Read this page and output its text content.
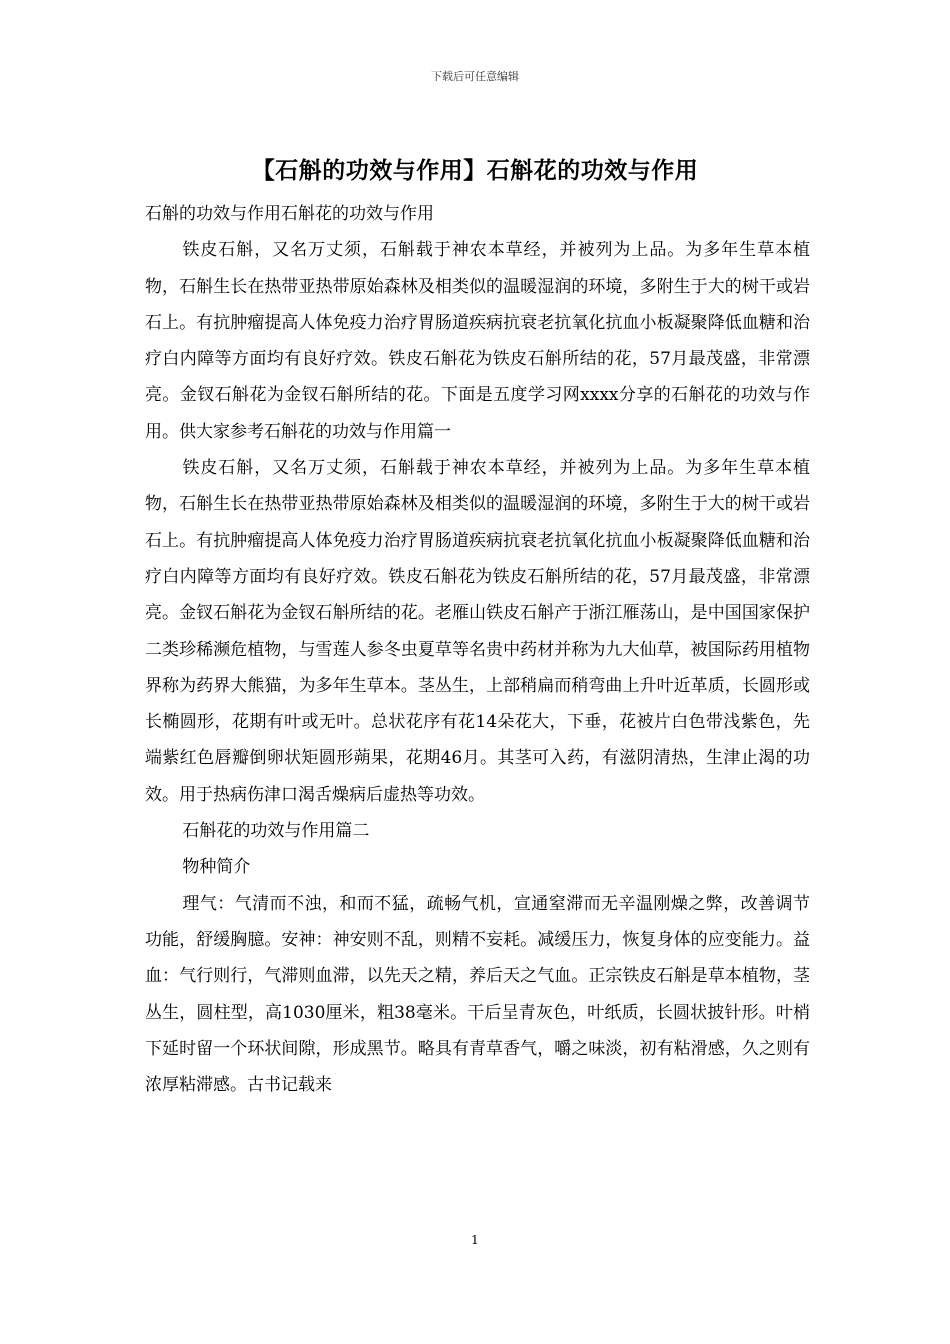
下载后可任意编辑
【石斛的功效与作用】石斛花的功效与作用

石斛的功效与作用石斛花的功效与作用

铁皮石斛，又名万丈须，石斛载于神农本草经，并被列为上品。为多年生草本植物，石斛生长在热带亚热带原始森林及相类似的温暖湿润的环境，多附生于大的树干或岩石上。有抗肿瘤提高人体免疫力治疗胃肠道疾病抗衰老抗氧化抗血小板凝聚降低血糖和治疗白内障等方面均有良好疗效。铁皮石斛花为铁皮石斛所结的花，57月最茂盛，非常漂亮。金钗石斛花为金钗石斛所结的花。下面是五度学习网xxxx分享的石斛花的功效与作用。供大家参考石斛花的功效与作用篇一

铁皮石斛，又名万丈须，石斛载于神农本草经，并被列为上品。为多年生草本植物，石斛生长在热带亚热带原始森林及相类似的温暖湿润的环境，多附生于大的树干或岩石上。有抗肿瘤提高人体免疫力治疗胃肠道疾病抗衰老抗氧化抗血小板凝聚降低血糖和治疗白内障等方面均有良好疗效。铁皮石斛花为铁皮石斛所结的花，57月最茂盛，非常漂亮。金钗石斛花为金钗石斛所结的花。老雁山铁皮石斛产于浙江雁荡山，是中国国家保护二类珍稀濒危植物，与雪莲人参冬虫夏草等名贵中药材并称为九大仙草，被国际药用植物界称为药界大熊猫，为多年生草本。茎丛生，上部稍扁而稍弯曲上升叶近革质，长圆形或长椭圆形，花期有叶或无叶。总状花序有花14朵花大，下垂，花被片白色带浅紫色，先端紫红色唇瓣倒卵状矩圆形蒴果，花期46月。其茎可入药，有滋阴清热，生津止渴的功效。用于热病伤津口渴舌燥病后虚热等功效。

石斛花的功效与作用篇二

物种简介

理气：气清而不浊，和而不猛，疏畅气机，宣通窒滞而无辛温刚燥之弊，改善调节功能，舒缓胸臆。安神：神安则不乱，则精不妄耗。减缓压力，恢复身体的应变能力。益血：气行则行，气滞则血滞，以先天之精，养后天之气血。正宗铁皮石斛是草本植物，茎丛生，圆柱型，高1030厘米，粗38毫米。干后呈青灰色，叶纸质，长圆状披针形。叶梢下延时留一个环状间隙，形成黑节。略具有青草香气，嚼之味淡，初有粘滑感，久之则有浓厚粘滞感。古书记载来

1
